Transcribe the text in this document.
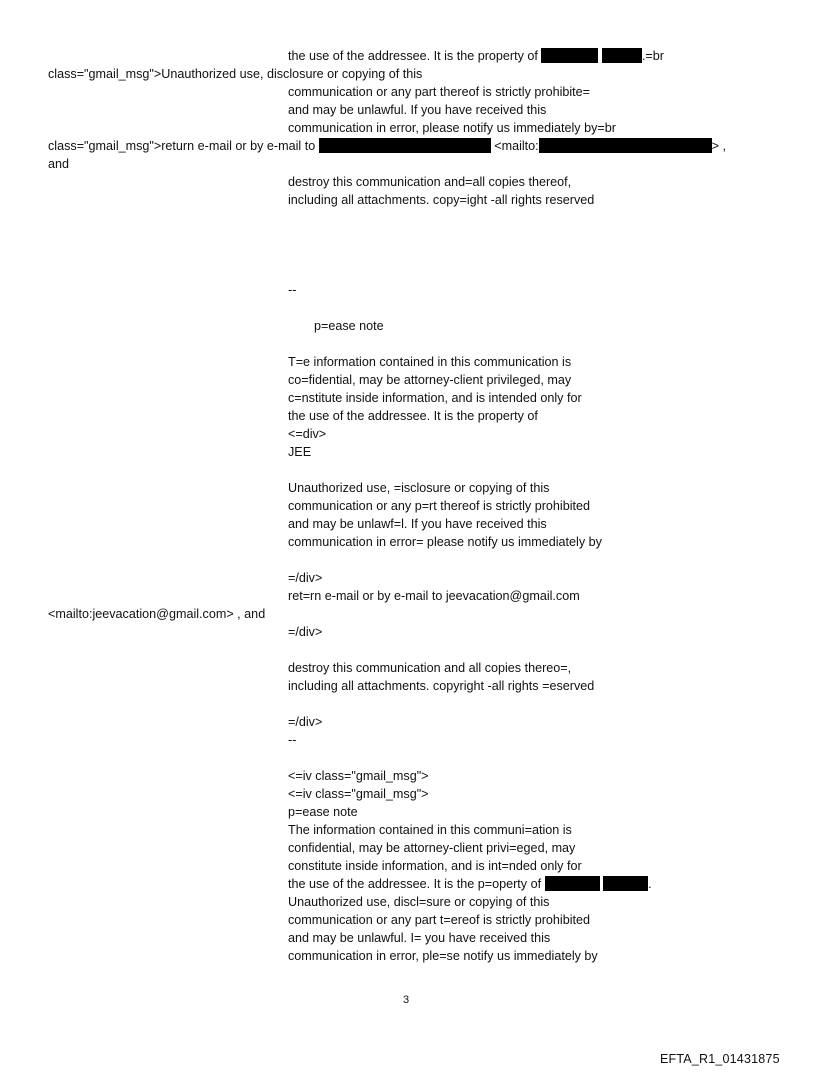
the use of the addressee. It is the property of	.=br
class="gmail_msg">Unauthorized use, disclosure or copying of this
communication or any part thereof is strictly prohibite=
and may be unlawful. If you have received this
communication in error, please notify us immediately by=br
class="gmail_msg">return e-mail or by e-mail to	<mailto:	> ,
and
destroy this communication and=all copies thereof,
including all attachments. copy=ight -all rights reserved
--
p=ease note
T=e information contained in this communication is
co=fidential, may be attorney-client privileged, may
c=nstitute inside information, and is intended only for
the use of the addressee. It is the property of
<=div>
JEE
Unauthorized use, =isclosure or copying of this
communication or any p=rt thereof is strictly prohibited
and may be unlawf=l. If you have received this
communication in error= please notify us immediately by
=/div>
ret=rn e-mail or by e-mail to jeevacation@gmail.com
<mailto:jeevacation@gmail.com> , and
=/div>
destroy this communication and all copies thereo=,
including all attachments. copyright -all rights =eserved
=/div>
--
<=iv class="gmail_msg">
<=iv class="gmail_msg">
p=ease note
The information contained in this communi=ation is
confidential, may be attorney-client privi=eged, may
constitute inside information, and is int=nded only for
the use of the addressee. It is the p=operty of	.
Unauthorized use, discl=sure or copying of this
communication or any part t=ereof is strictly prohibited
and may be unlawful. I= you have received this
communication in error, ple=se notify us immediately by
3
EFTA_R1_01431875
